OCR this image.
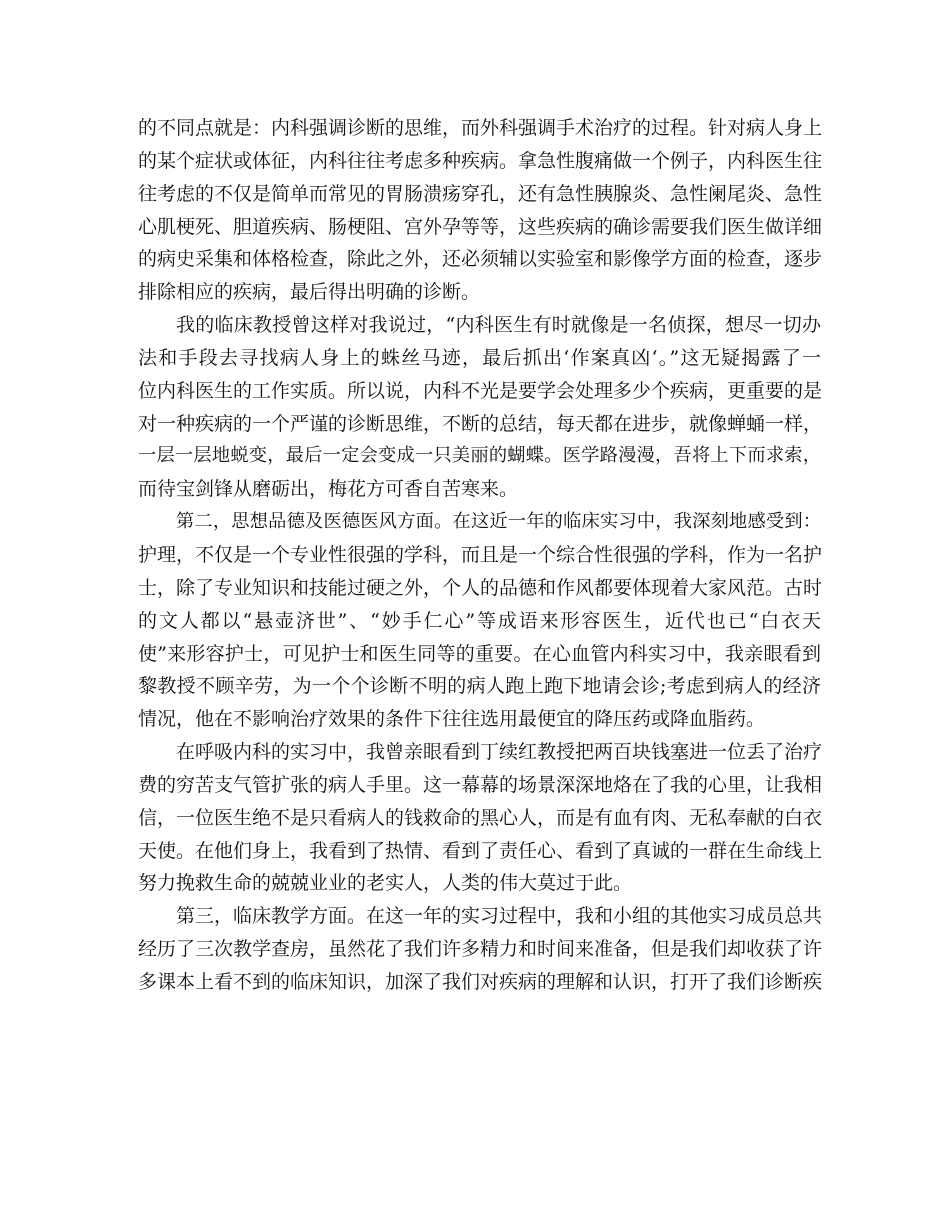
的不同点就是：内科强调诊断的思维，而外科强调手术治疗的过程。针对病人身上
的某个症状或体征，内科往往考虑多种疾病。拿急性腹痛做一个例子，内科医生往
往考虑的不仅是简单而常见的胃肠溃疡穿孔，还有急性胰腺炎、急性阑尾炎、急性
心肌梗死、胆道疾病、肠梗阻、宫外孕等等，这些疾病的确诊需要我们医生做详细
的病史采集和体格检查，除此之外，还必须辅以实验室和影像学方面的检查，逐步
排除相应的疾病，最后得出明确的诊断。
我的临床教授曾这样对我说过，“内科医生有时就像是一名侦探，想尽一切办
法和手段去寻找病人身上的蛛丝马迹，最后抓出‘作案真凶‘。”这无疑揭露了一
位内科医生的工作实质。所以说，内科不光是要学会处理多少个疾病，更重要的是
对一种疾病的一个严谨的诊断思维，不断的总结，每天都在进步，就像蝉蛹一样，
一层一层地蜕变，最后一定会变成一只美丽的蝴蝶。医学路漫漫，吾将上下而求索，
而待宝剑锋从磨砺出，梅花方可香自苦寒来。
第二，思想品德及医德医风方面。在这近一年的临床实习中，我深刻地感受到：
护理，不仅是一个专业性很强的学科，而且是一个综合性很强的学科，作为一名护
士，除了专业知识和技能过硬之外，个人的品德和作风都要体现着大家风范。古时
的文人都以“悬壶济世”、“妙手仁心”等成语来形容医生，近代也已“白衣天
使”来形容护士，可见护士和医生同等的重要。在心血管内科实习中，我亲眼看到
黎教授不顾辛劳，为一个个诊断不明的病人跑上跑下地请会诊;考虑到病人的经济
情况，他在不影响治疗效果的条件下往往选用最便宜的降压药或降血脂药。
在呼吸内科的实习中，我曾亲眼看到丁续红教授把两百块钱塞进一位丢了治疗
费的穷苦支气管扩张的病人手里。这一幕幕的场景深深地烙在了我的心里，让我相
信，一位医生绝不是只看病人的钱救命的黑心人，而是有血有肉、无私奉献的白衣
天使。在他们身上，我看到了热情、看到了责任心、看到了真诚的一群在生命线上
努力挽救生命的兢兢业业的老实人，人类的伟大莫过于此。
第三，临床教学方面。在这一年的实习过程中，我和小组的其他实习成员总共
经历了三次教学查房，虽然花了我们许多精力和时间来准备，但是我们却收获了许
多课本上看不到的临床知识，加深了我们对疾病的理解和认识，打开了我们诊断疾
